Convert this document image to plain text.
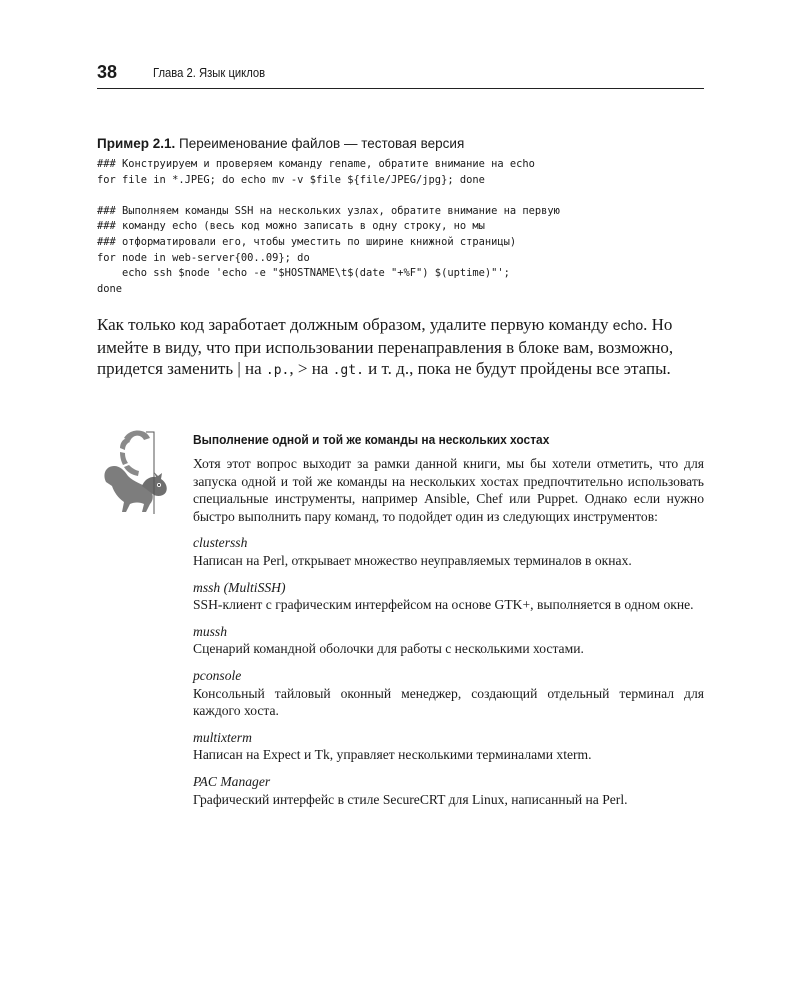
38	Глава 2. Язык циклов
Пример 2.1. Переименование файлов — тестовая версия
### Конструируем и проверяем команду rename, обратите внимание на echo
for file in *.JPEG; do echo mv -v $file ${file/JPEG/jpg}; done
### Выполняем команды SSH на нескольких узлах, обратите внимание на первую
### команду echo (весь код можно записать в одну строку, но мы
### отформатировали его, чтобы уместить по ширине книжной страницы)
for node in web-server{00..09}; do
echo ssh $node 'echo -e "$HOSTNAME\t$(date "+%F") $(uptime)"';
done
Как только код заработает должным образом, удалите первую команду echo. Но имейте в виду, что при использовании перенаправления в блоке вам, возможно, придется заменить | на .p., > на .gt. и т. д., пока не будут пройдены все этапы.
Выполнение одной и той же команды на нескольких хостах

Хотя этот вопрос выходит за рамки данной книги, мы бы хотели отметить, что для запуска одной и той же команды на нескольких хостах предпочтительно использовать специальные инструменты, например Ansible, Chef или Puppet. Однако если нужно быстро выполнить пару команд, то подойдет один из следующих инструментов:

clusterssh
Написан на Perl, открывает множество неуправляемых терминалов в окнах.
mssh (MultiSSH)
SSH-клиент с графическим интерфейсом на основе GTK+, выполняется в одном окне.
mussh
Сценарий командной оболочки для работы с несколькими хостами.
pconsole
Консольный тайловый оконный менеджер, создающий отдельный терминал для каждого хоста.
multixterm
Написан на Expect и Tk, управляет несколькими терминалами xterm.
PAC Manager
Графический интерфейс в стиле SecureCRT для Linux, написанный на Perl.
